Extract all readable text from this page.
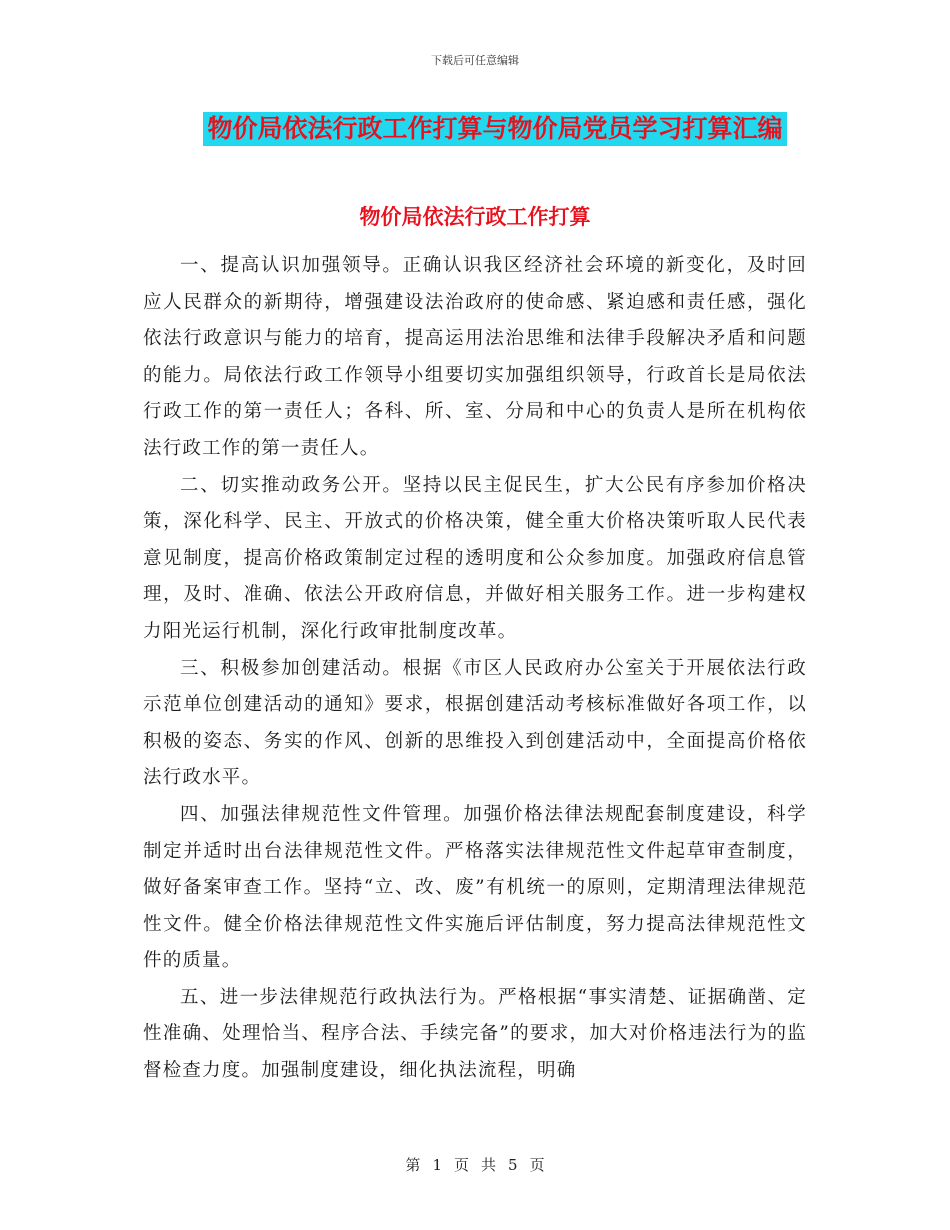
下载后可任意编辑
物价局依法行政工作打算与物价局党员学习打算汇编
物价局依法行政工作打算

一、提高认识加强领导。正确认识我区经济社会环境的新变化，及时回应人民群众的新期待，增强建设法治政府的使命感、紧迫感和责任感，强化依法行政意识与能力的培育，提高运用法治思维和法律手段解决矛盾和问题的能力。局依法行政工作领导小组要切实加强组织领导，行政首长是局依法行政工作的第一责任人；各科、所、室、分局和中心的负责人是所在机构依法行政工作的第一责任人。

二、切实推动政务公开。坚持以民主促民生，扩大公民有序参加价格决策，深化科学、民主、开放式的价格决策，健全重大价格决策听取人民代表意见制度，提高价格政策制定过程的透明度和公众参加度。加强政府信息管理，及时、准确、依法公开政府信息，并做好相关服务工作。进一步构建权力阳光运行机制，深化行政审批制度改革。

三、积极参加创建活动。根据《市区人民政府办公室关于开展依法行政示范单位创建活动的通知》要求，根据创建活动考核标准做好各项工作，以积极的姿态、务实的作风、创新的思维投入到创建活动中，全面提高价格依法行政水平。

四、加强法律规范性文件管理。加强价格法律法规配套制度建设，科学制定并适时出台法律规范性文件。严格落实法律规范性文件起草审查制度，做好备案审查工作。坚持“立、改、废”有机统一的原则，定期清理法律规范性文件。健全价格法律规范性文件实施后评估制度，努力提高法律规范性文件的质量。

五、进一步法律规范行政执法行为。严格根据“事实清楚、证据确凿、定性准确、处理恰当、程序合法、手续完备”的要求，加大对价格违法行为的监督检查力度。加强制度建设，细化执法流程，明确

第 1 页 共 5 页
